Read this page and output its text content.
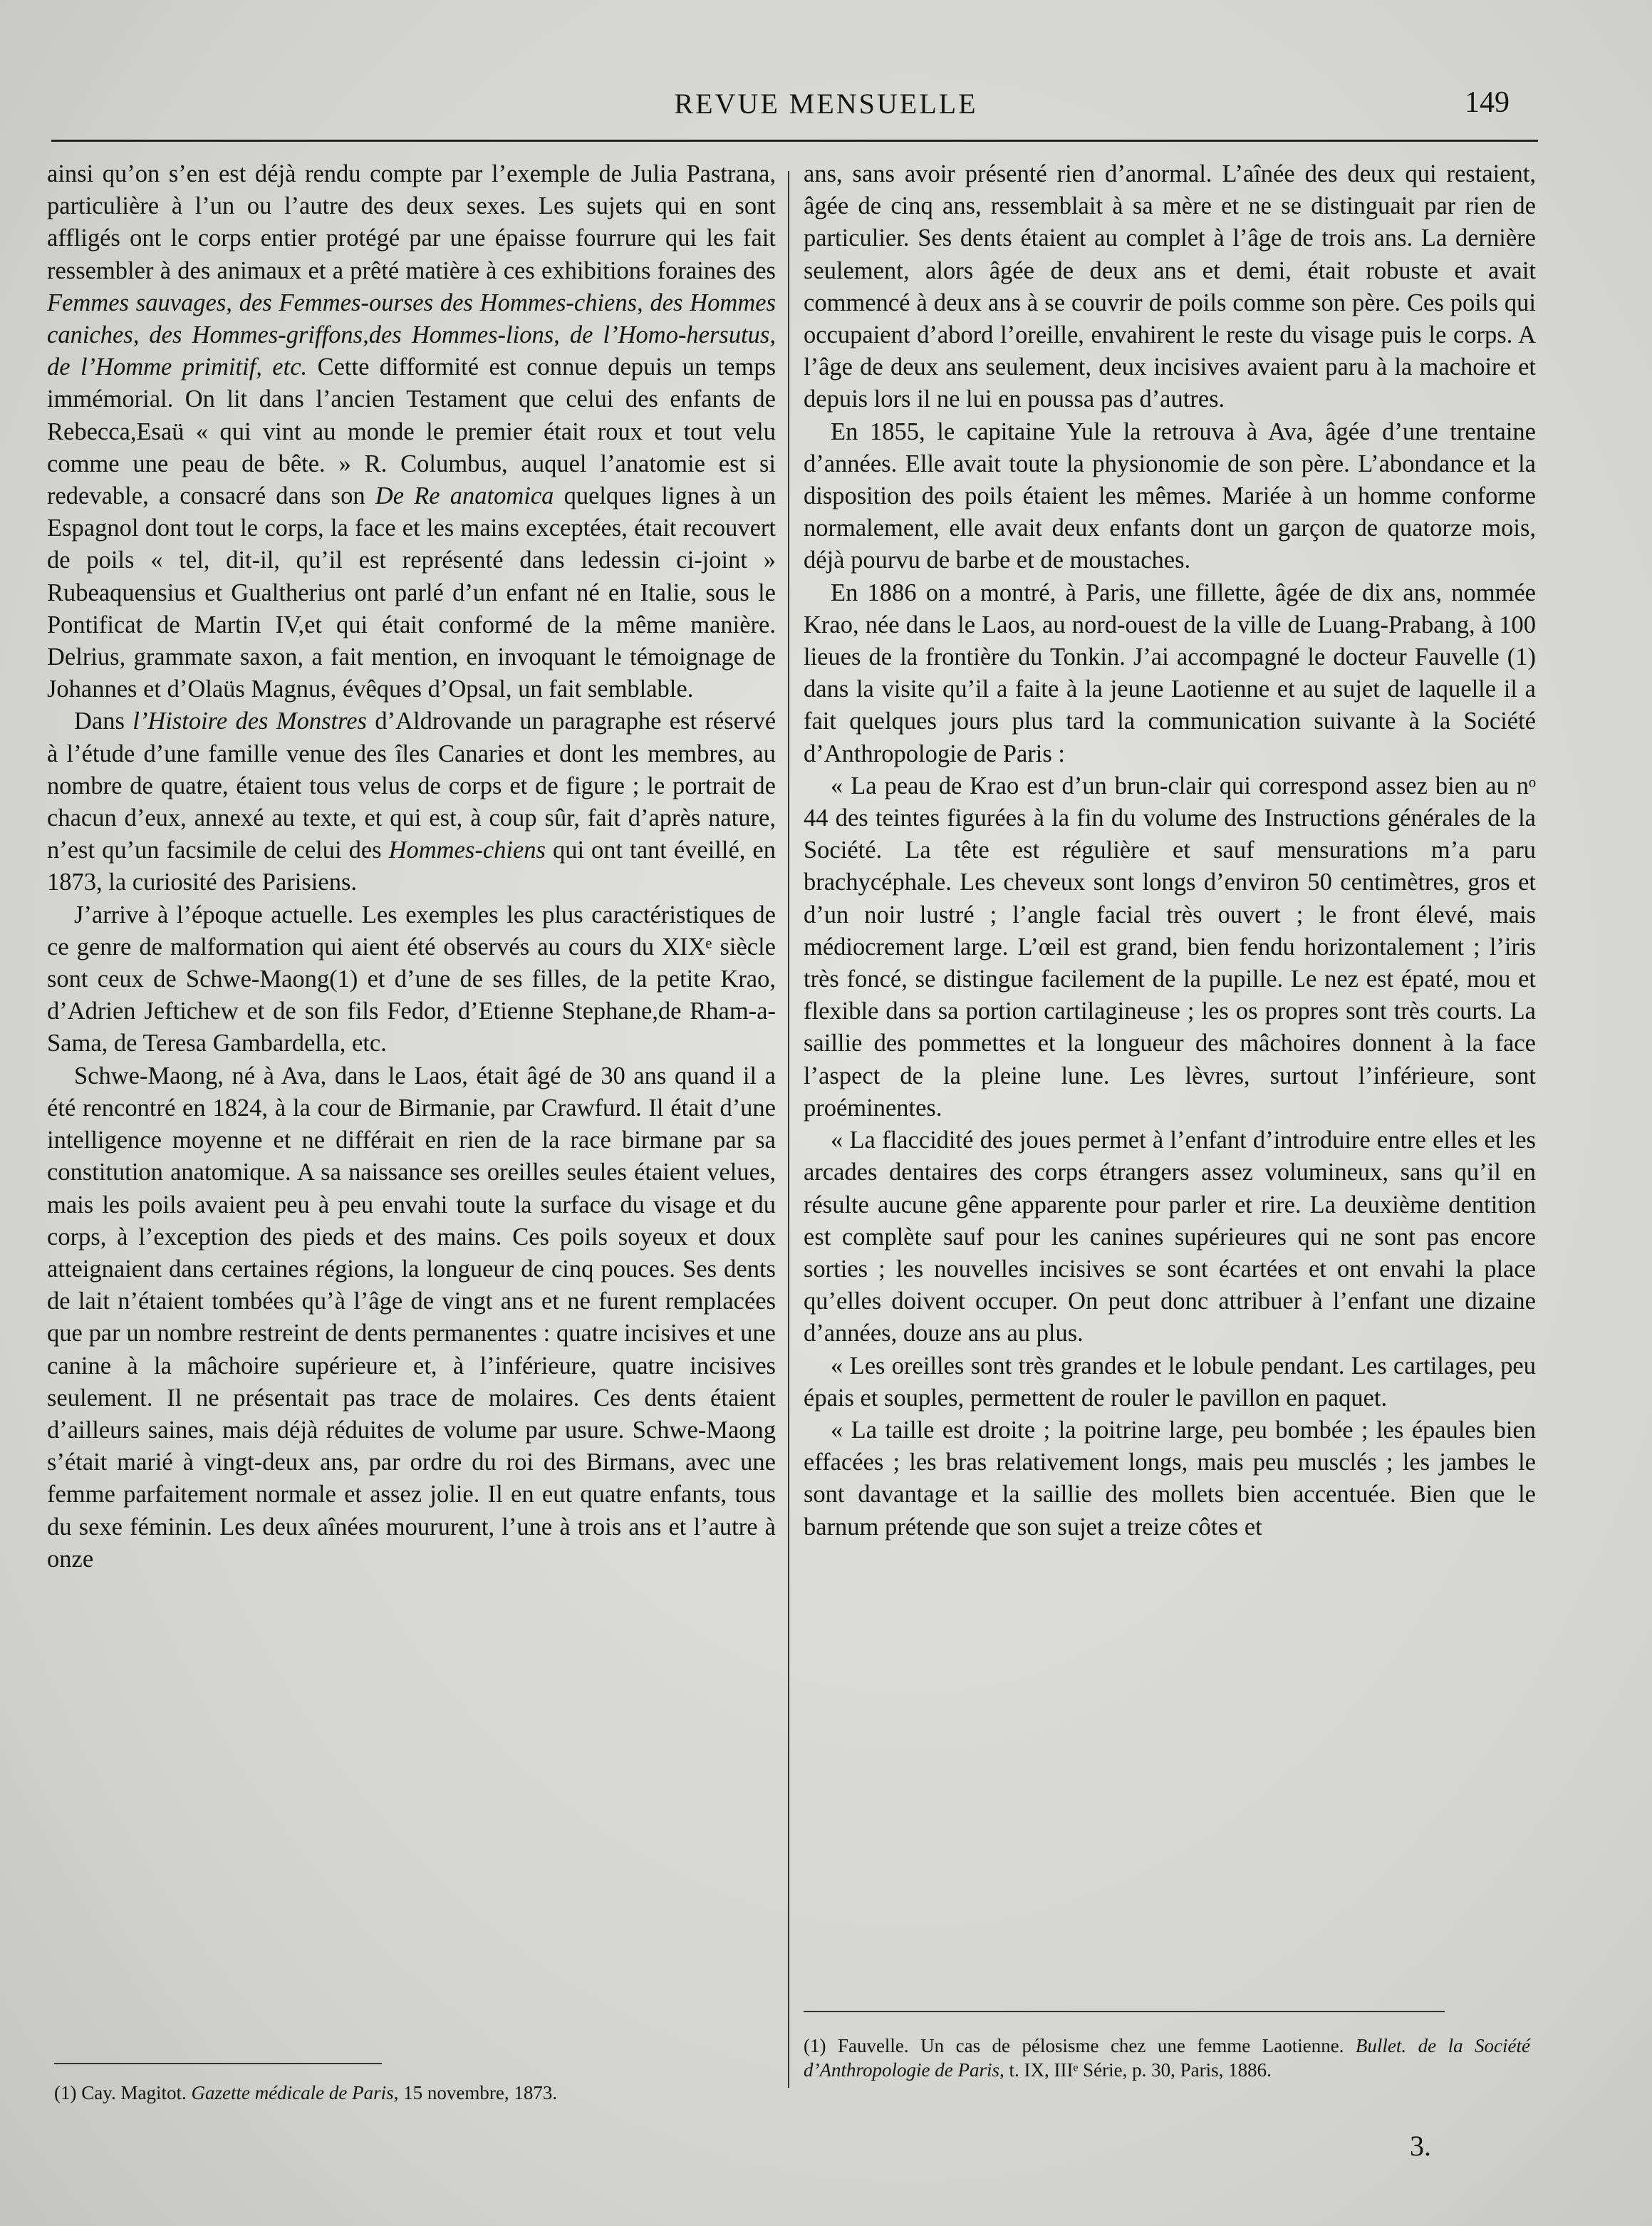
REVUE MENSUELLE	149

ainsi qu’on s’en est déjà rendu compte par l’exemple de Julia Pastrana, particulière à l’un ou l’autre des deux sexes. Les sujets qui en sont affligés ont le corps entier protégé par une épaisse fourrure qui les fait ressembler à des animaux et a prêté matière à ces exhibitions foraines des Femmes sauvages, des Femmes-ourses des Hommes-chiens, des Hommes caniches, des Hommes-griffons,des Hommes-lions, de l’Homo-hersutus, de l’Homme primitif, etc. Cette difformité est connue depuis un temps immémorial. On lit dans l’ancien Testament que celui des enfants de Rebecca,Esaü « qui vint au monde le premier était roux et tout velu comme une peau de bête. » R. Columbus, auquel l’anatomie est si redevable, a consacré dans son De Re anatomica quelques lignes à un Espagnol dont tout le corps, la face et les mains exceptées, était recouvert de poils « tel, dit-il, qu’il est représenté dans ledessin ci-joint » Rubeaquensius et Gualtherius ont parlé d’un enfant né en Italie, sous le Pontificat de Martin IV,et qui était conformé de la même manière. Delrius, grammate saxon, a fait mention, en invoquant le témoignage de Johannes et d’Olaüs Magnus, évêques d’Opsal, un fait semblable.

Dans l’Histoire des Monstres d’Aldrovande un paragraphe est réservé à l’étude d’une famille venue des îles Canaries et dont les membres, au nombre de quatre, étaient tous velus de corps et de figure ; le portrait de chacun d’eux, annexé au texte, et qui est, à coup sûr, fait d’après nature, n’est qu’un facsimile de celui des Hommes-chiens qui ont tant éveillé, en 1873, la curiosité des Parisiens.

J’arrive à l’époque actuelle. Les exemples les plus caractéristiques de ce genre de malformation qui aient été observés au cours du XIXᵉ siècle sont ceux de Schwe-Maong(1) et d’une de ses filles, de la petite Krao, d’Adrien Jeftichew et de son fils Fedor, d’Etienne Stephane,de Rham-a-Sama, de Teresa Gambardella, etc.

Schwe-Maong, né à Ava, dans le Laos, était âgé de 30 ans quand il a été rencontré en 1824, à la cour de Birmanie, par Crawfurd. Il était d’une intelligence moyenne et ne différait en rien de la race birmane par sa constitution anatomique. A sa naissance ses oreilles seules étaient velues, mais les poils avaient peu à peu envahi toute la surface du visage et du corps, à l’exception des pieds et des mains. Ces poils soyeux et doux atteignaient dans certaines régions, la longueur de cinq pouces. Ses dents de lait n’étaient tombées qu’à l’âge de vingt ans et ne furent remplacées que par un nombre restreint de dents permanentes : quatre incisives et une canine à la mâchoire supérieure et, à l’inférieure, quatre incisives seulement. Il ne présentait pas trace de molaires. Ces dents étaient d’ailleurs saines, mais déjà réduites de volume par usure. Schwe-Maong s’était marié à vingt-deux ans, par ordre du roi des Birmans, avec une femme parfaitement normale et assez jolie. Il en eut quatre enfants, tous du sexe féminin. Les deux aînées moururent, l’une à trois ans et l’autre à onze

ans, sans avoir présenté rien d’anormal. L’aînée des deux qui restaient, âgée de cinq ans, ressemblait à sa mère et ne se distinguait par rien de particulier. Ses dents étaient au complet à l’âge de trois ans. La dernière seulement, alors âgée de deux ans et demi, était robuste et avait commencé à deux ans à se couvrir de poils comme son père. Ces poils qui occupaient d’abord l’oreille, envahirent le reste du visage puis le corps. A l’âge de deux ans seulement, deux incisives avaient paru à la machoire et depuis lors il ne lui en poussa pas d’autres.

En 1855, le capitaine Yule la retrouva à Ava, âgée d’une trentaine d’années. Elle avait toute la physionomie de son père. L’abondance et la disposition des poils étaient les mêmes. Mariée à un homme conforme normalement, elle avait deux enfants dont un garçon de quatorze mois, déjà pourvu de barbe et de moustaches.

En 1886 on a montré, à Paris, une fillette, âgée de dix ans, nommée Krao, née dans le Laos, au nord-ouest de la ville de Luang-Prabang, à 100 lieues de la frontière du Tonkin. J’ai accompagné le docteur Fauvelle (1) dans la visite qu’il a faite à la jeune Laotienne et au sujet de laquelle il a fait quelques jours plus tard la communication suivante à la Société d’Anthropologie de Paris :

« La peau de Krao est d’un brun-clair qui correspond assez bien au nᵒ 44 des teintes figurées à la fin du volume des Instructions générales de la Société. La tête est régulière et sauf mensurations m’a paru brachycéphale. Les cheveux sont longs d’environ 50 centimètres, gros et d’un noir lustré ; l’angle facial très ouvert ; le front élevé, mais médiocrement large. L’œil est grand, bien fendu horizontalement ; l’iris très foncé, se distingue facilement de la pupille. Le nez est épaté, mou et flexible dans sa portion cartilagineuse ; les os propres sont très courts. La saillie des pommettes et la longueur des mâchoires donnent à la face l’aspect de la pleine lune. Les lèvres, surtout l’inférieure, sont proéminentes.

« La flaccidité des joues permet à l’enfant d’introduire entre elles et les arcades dentaires des corps étrangers assez volumineux, sans qu’il en résulte aucune gêne apparente pour parler et rire. La deuxième dentition est complète sauf pour les canines supérieures qui ne sont pas encore sorties ; les nouvelles incisives se sont écartées et ont envahi la place qu’elles doivent occuper. On peut donc attribuer à l’enfant une dizaine d’années, douze ans au plus.

« Les oreilles sont très grandes et le lobule pendant. Les cartilages, peu épais et souples, permettent de rouler le pavillon en paquet.

« La taille est droite ; la poitrine large, peu bombée ; les épaules bien effacées ; les bras relativement longs, mais peu musclés ; les jambes le sont davantage et la saillie des mollets bien accentuée. Bien que le barnum prétende que son sujet a treize côtes et

(1) Cay. Magitot. Gazette médicale de Paris, 15 novembre, 1873.
(1) Fauvelle. Un cas de pélosisme chez une femme Laotienne. Bullet. de la Société d’Anthropologie de Paris, t. IX, IIIᵉ Série, p. 30, Paris, 1886.
3.
